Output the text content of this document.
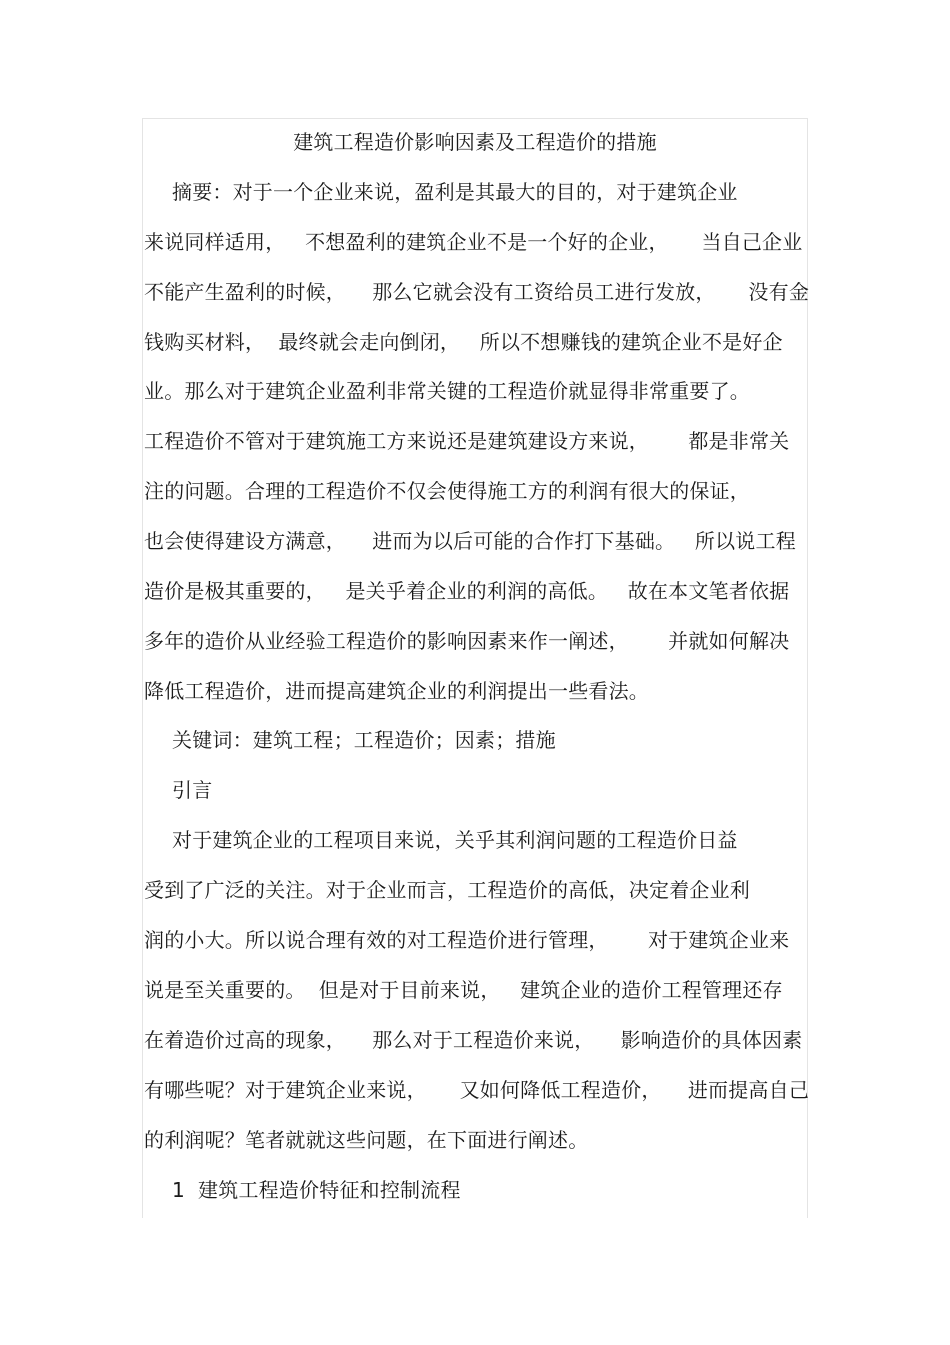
建筑工程造价影响因素及工程造价的措施
摘要：对于一个企业来说，盈利是其最大的目的，对于建筑企业
来说同样适用，   不想盈利的建筑企业不是一个好的企业，     当自己企业
不能产生盈利的时候，    那么它就会没有工资给员工进行发放，     没有金
钱购买材料，  最终就会走向倒闭，   所以不想赚钱的建筑企业不是好企
业。那么对于建筑企业盈利非常关键的工程造价就显得非常重要了。
工程造价不管对于建筑施工方来说还是建筑建设方来说，      都是非常关
注的问题。合理的工程造价不仅会使得施工方的利润有很大的保证，
也会使得建设方满意，    进而为以后可能的合作打下基础。   所以说工程
造价是极其重要的，   是关乎着企业的利润的高低。   故在本文笔者依据
多年的造价从业经验工程造价的影响因素来作一阐述，      并就如何解决
降低工程造价，进而提高建筑企业的利润提出一些看法。
关键词：建筑工程；工程造价；因素；措施
引言
对于建筑企业的工程项目来说，关乎其利润问题的工程造价日益
受到了广泛的关注。对于企业而言，工程造价的高低，决定着企业利
润的小大。所以说合理有效的对工程造价进行管理，      对于建筑企业来
说是至关重要的。  但是对于目前来说，   建筑企业的造价工程管理还存
在着造价过高的现象，    那么对于工程造价来说，    影响造价的具体因素
有哪些呢？对于建筑企业来说，     又如何降低工程造价，    进而提高自己
的利润呢？笔者就就这些问题，在下面进行阐述。
1  建筑工程造价特征和控制流程
